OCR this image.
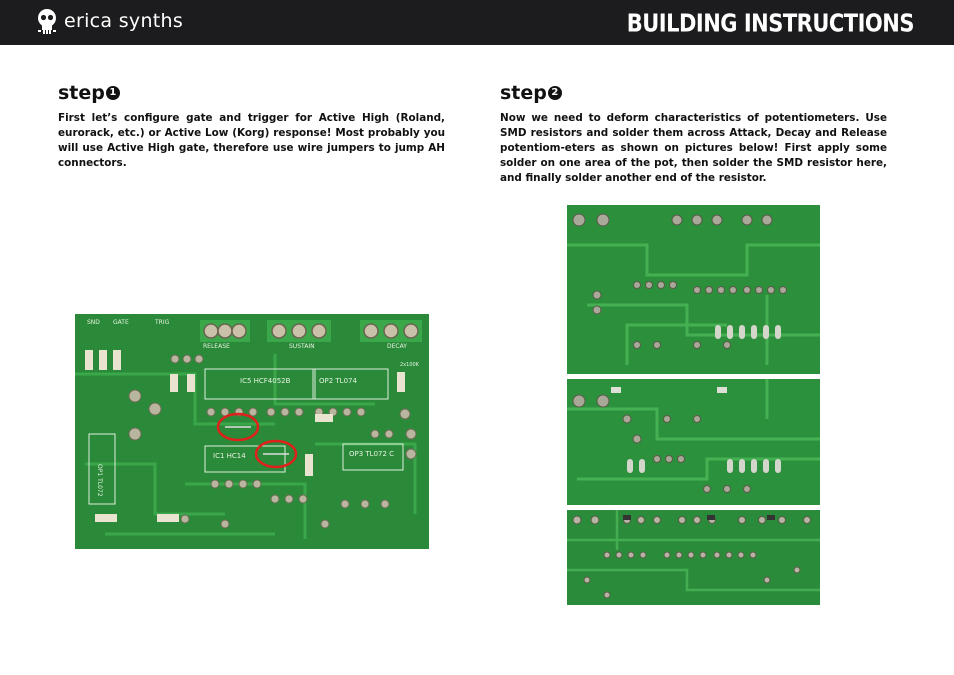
erica synths	BUILDING INSTRUCTIONS
step 1
First let’s configure gate and trigger for Active High (Roland, eurorack, etc.) or Active Low (Korg) response! Most probably you will use Active High gate, therefore use wire jumpers to jump AH connectors.
step 2
Now we need to deform characteristics of potentiometers. Use SMD resistors and solder them across Attack, Decay and Release potentiom-eters as shown on pictures below! First apply some solder on one area of the pot, then solder the SMD resistor here, and finally solder another end of the resistor.
RELEASE	SUSTAIN	DECAY
SND GATE	TRIG
2x100K
IC5 HCF4052B	OP2 TL074
IC1 HC14	OP3 TL072 C
OP1 TL072
